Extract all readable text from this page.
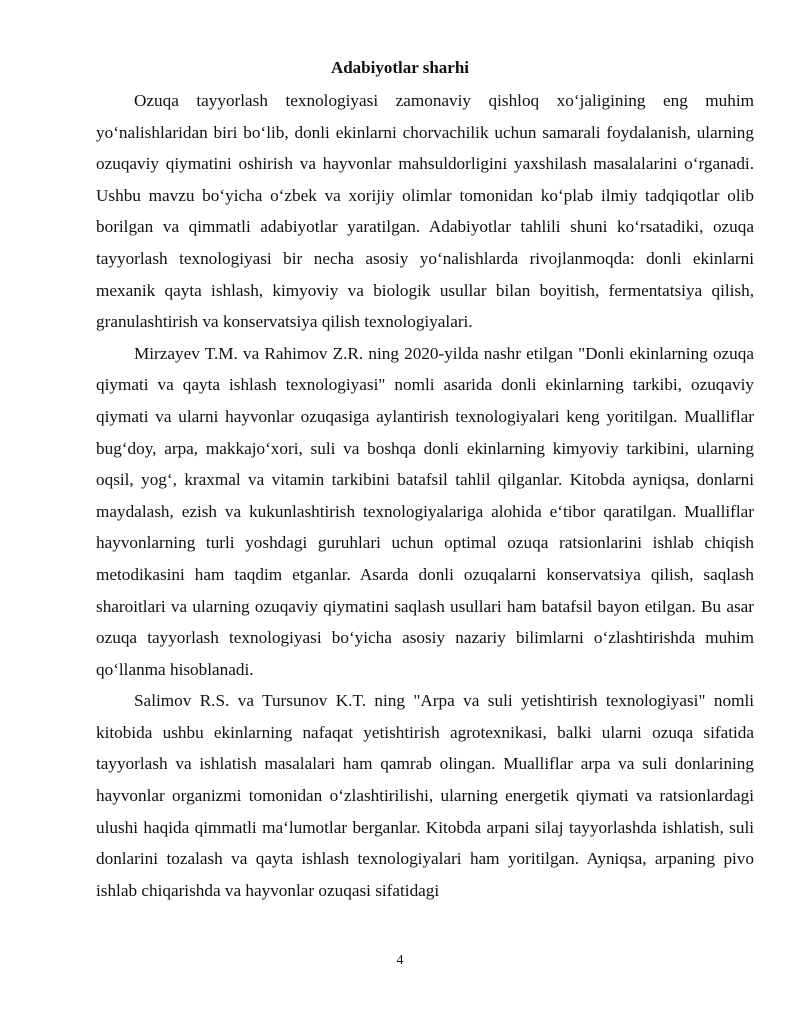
Adabiyotlar sharhi

Ozuqa tayyorlash texnologiyasi zamonaviy qishloq xo‘jaligining eng muhim yo‘nalishlaridan biri bo‘lib, donli ekinlarni chorvachilik uchun samarali foydalanish, ularning ozuqaviy qiymatini oshirish va hayvonlar mahsuldorligini yaxshilash masalalarini o‘rganadi. Ushbu mavzu bo‘yicha o‘zbek va xorijiy olimlar tomonidan ko‘plab ilmiy tadqiqotlar olib borilgan va qimmatli adabiyotlar yaratilgan. Adabiyotlar tahlili shuni ko‘rsatadiki, ozuqa tayyorlash texnologiyasi bir necha asosiy yo‘nalishlarda rivojlanmoqda: donli ekinlarni mexanik qayta ishlash, kimyoviy va biologik usullar bilan boyitish, fermentatsiya qilish, granulashtirish va konservatsiya qilish texnologiyalari.

Mirzayev T.M. va Rahimov Z.R. ning 2020-yilda nashr etilgan "Donli ekinlarning ozuqa qiymati va qayta ishlash texnologiyasi" nomli asarida donli ekinlarning tarkibi, ozuqaviy qiymati va ularni hayvonlar ozuqasiga aylantirish texnologiyalari keng yoritilgan. Mualliflar bug‘doy, arpa, makkajo‘xori, suli va boshqa donli ekinlarning kimyoviy tarkibini, ularning oqsil, yog‘, kraxmal va vitamin tarkibini batafsil tahlil qilganlar. Kitobda ayniqsa, donlarni maydalash, ezish va kukunlashtirish texnologiyalariga alohida e‘tibor qaratilgan. Mualliflar hayvonlarning turli yoshdagi guruhlari uchun optimal ozuqa ratsionlarini ishlab chiqish metodikasini ham taqdim etganlar. Asarda donli ozuqalarni konservatsiya qilish, saqlash sharoitlari va ularning ozuqaviy qiymatini saqlash usullari ham batafsil bayon etilgan. Bu asar ozuqa tayyorlash texnologiyasi bo‘yicha asosiy nazariy bilimlarni o‘zlashtirishda muhim qo‘llanma hisoblanadi.

Salimov R.S. va Tursunov K.T. ning "Arpa va suli yetishtirish texnologiyasi" nomli kitobida ushbu ekinlarning nafaqat yetishtirish agrotexnikasi, balki ularni ozuqa sifatida tayyorlash va ishlatish masalalari ham qamrab olingan. Mualliflar arpa va suli donlarining hayvonlar organizmi tomonidan o‘zlashtirilishi, ularning energetik qiymati va ratsionlardagi ulushi haqida qimmatli ma‘lumotlar berganlar. Kitobda arpani silaj tayyorlashda ishlatish, suli donlarini tozalash va qayta ishlash texnologiyalari ham yoritilgan. Ayniqsa, arpaning pivo ishlab chiqarishda va hayvonlar ozuqasi sifatidagi

4
